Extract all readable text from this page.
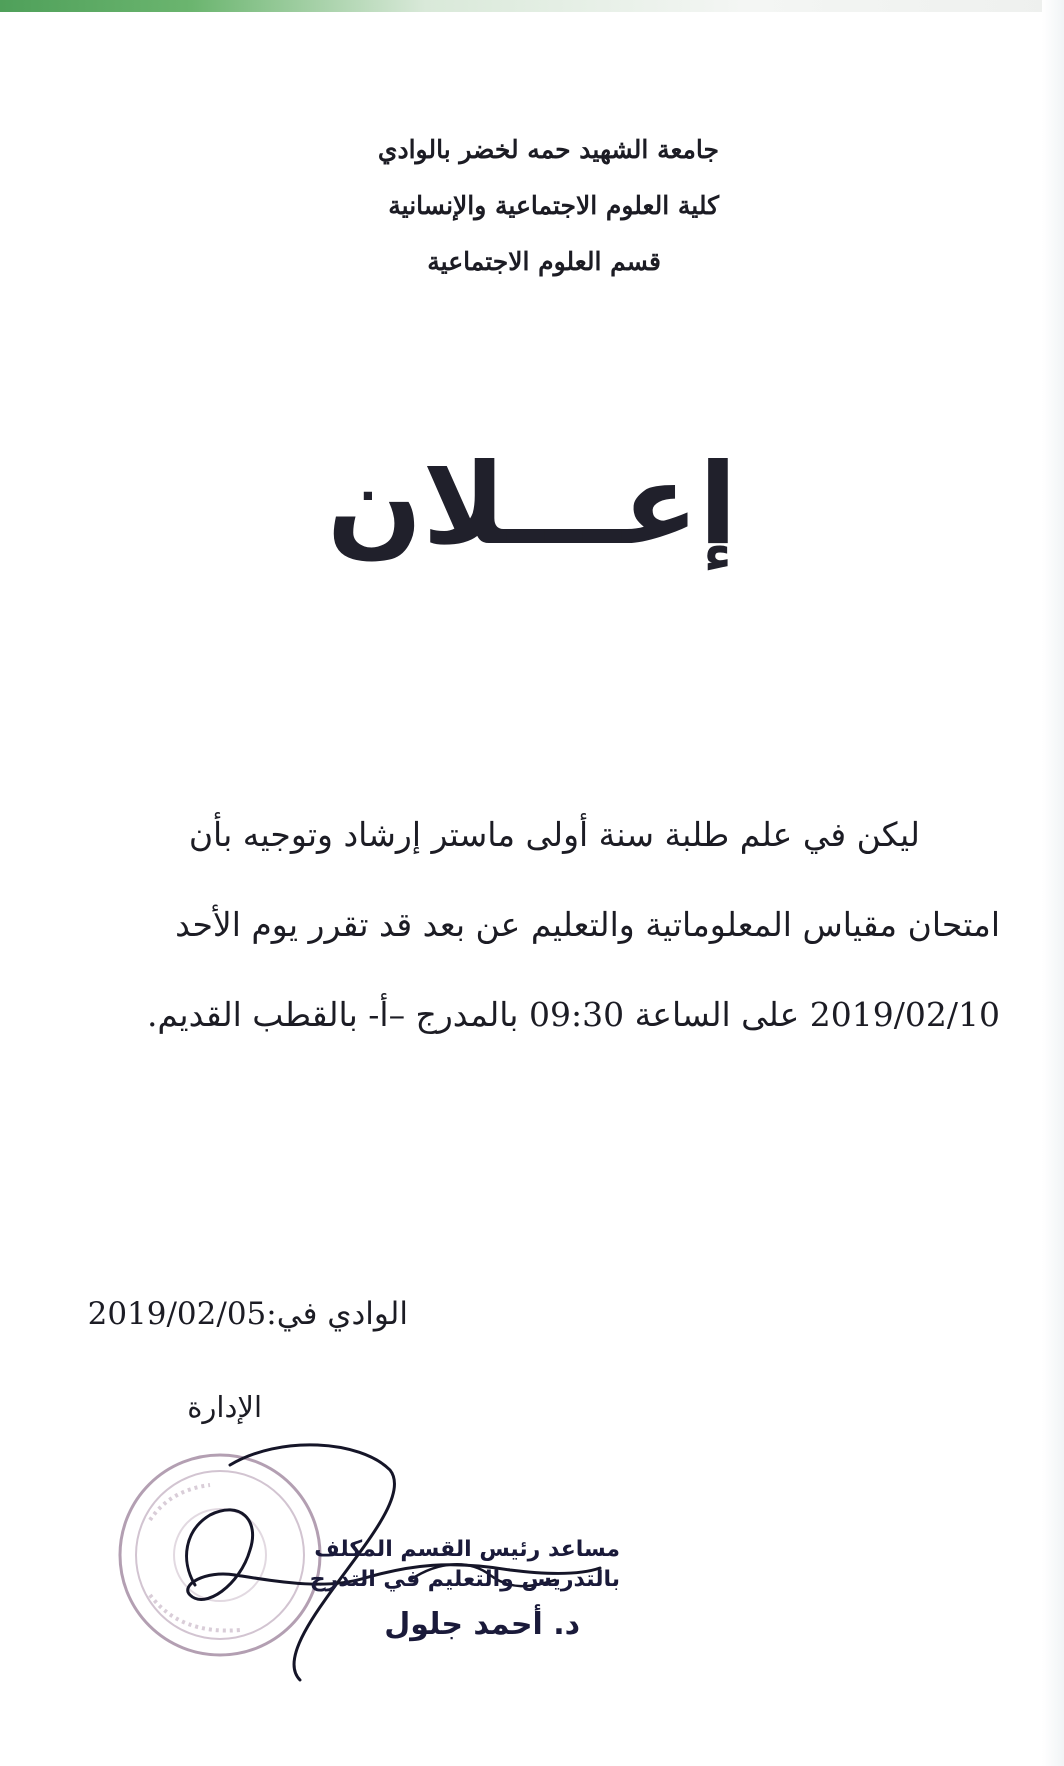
جامعة الشهيد حمه لخضر بالوادي
كلية العلوم الاجتماعية والإنسانية
قسم العلوم الاجتماعية
إعـــلان
ليكن في علم طلبة سنة أولى ماستر إرشاد وتوجيه بأن
امتحان مقياس المعلوماتية والتعليم عن بعد قد تقرر يوم الأحد
2019/02/10 على الساعة 09:30 بالمدرج –أ- بالقطب القديم.
الوادي في:2019/02/05
الإدارة
مساعد رئيس القسم المكلف
بالتدريس والتعليم في التدرج
د. أحمد جلول
